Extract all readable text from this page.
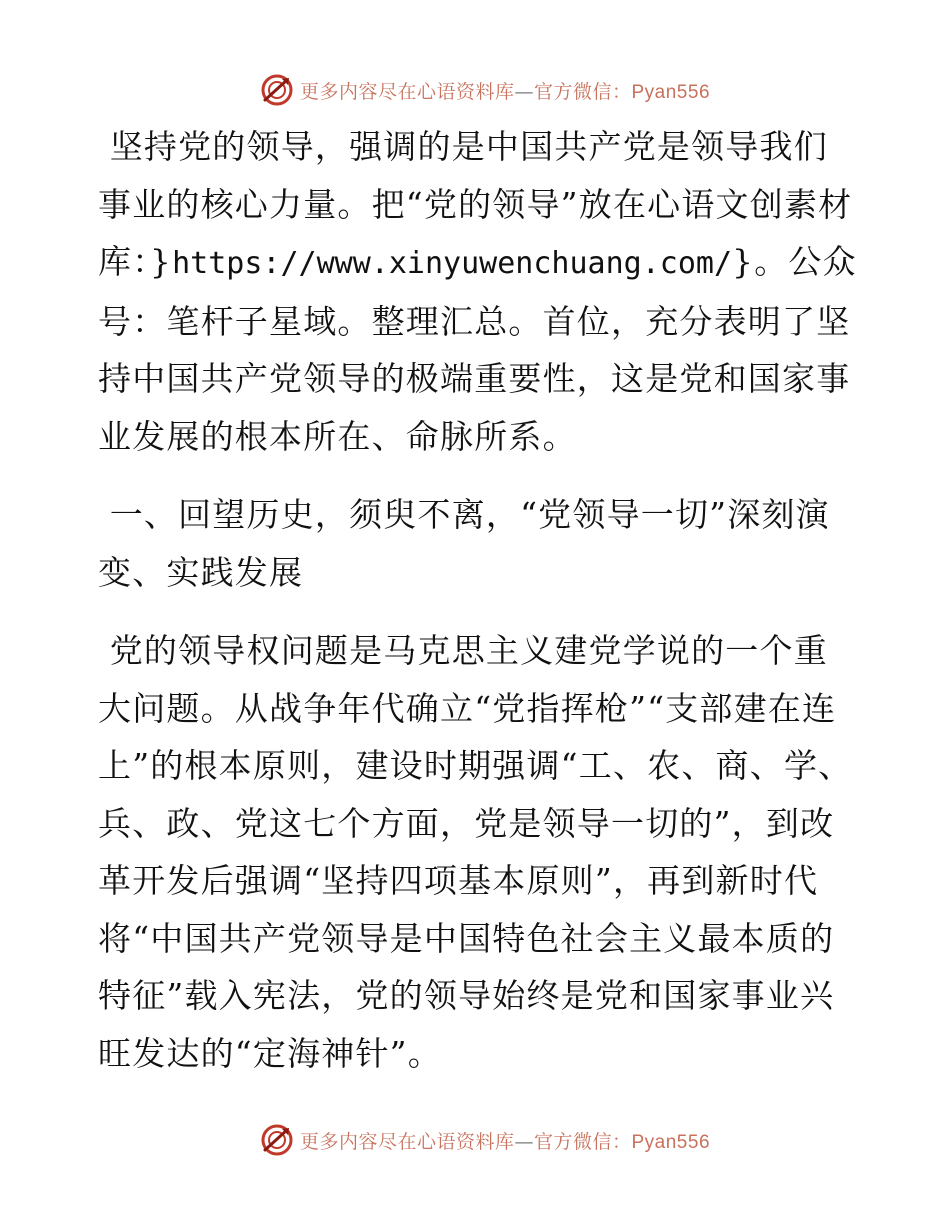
更多内容尽在心语资料库—官方微信：Pyan556

坚持党的领导，强调的是中国共产党是领导我们事业的核心力量。把“党的领导”放在心语文创素材库：}https://www.xinyuwenchuang.com/}。公众号：笔杆子星域。整理汇总。首位，充分表明了坚持中国共产党领导的极端重要性，这是党和国家事业发展的根本所在、命脉所系。

一、回望历史，须臾不离，“党领导一切”深刻演变、实践发展

党的领导权问题是马克思主义建党学说的一个重大问题。从战争年代确立“党指挥枪”“支部建在连上”的根本原则，建设时期强调“工、农、商、学、兵、政、党这七个方面，党是领导一切的”，到改革开发后强调“坚持四项基本原则”，再到新时代将“中国共产党领导是中国特色社会主义最本质的特征”载入宪法，党的领导始终是党和国家事业兴旺发达的“定海神针”。

更多内容尽在心语资料库—官方微信：Pyan556
